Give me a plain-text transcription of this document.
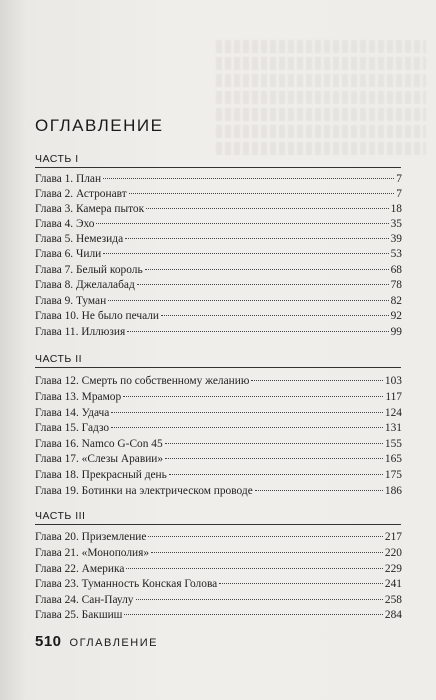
ОГЛАВЛЕНИЕ
ЧАСТЬ I
Глава 1. План	7
Глава 2. Астронавт	7
Глава 3. Камера пыток	18
Глава 4. Эхо	35
Глава 5. Немезида	39
Глава 6. Чили	53
Глава 7. Белый король	68
Глава 8. Джелалабад	78
Глава 9. Туман	82
Глава 10. Не было печали	92
Глава 11. Иллюзия	99
ЧАСТЬ II
Глава 12. Смерть по собственному желанию	103
Глава 13. Мрамор	117
Глава 14. Удача	124
Глава 15. Гадзо	131
Глава 16. Namco G-Con 45	155
Глава 17. «Слезы Аравии»	165
Глава 18. Прекрасный день	175
Глава 19. Ботинки на электрическом проводе	186
ЧАСТЬ III
Глава 20. Приземление	217
Глава 21. «Монополия»	220
Глава 22. Америка	229
Глава 23. Туманность Конская Голова	241
Глава 24. Сан-Паулу	258
Глава 25. Бакшиш	284
510 ОГЛАВЛЕНИЕ
